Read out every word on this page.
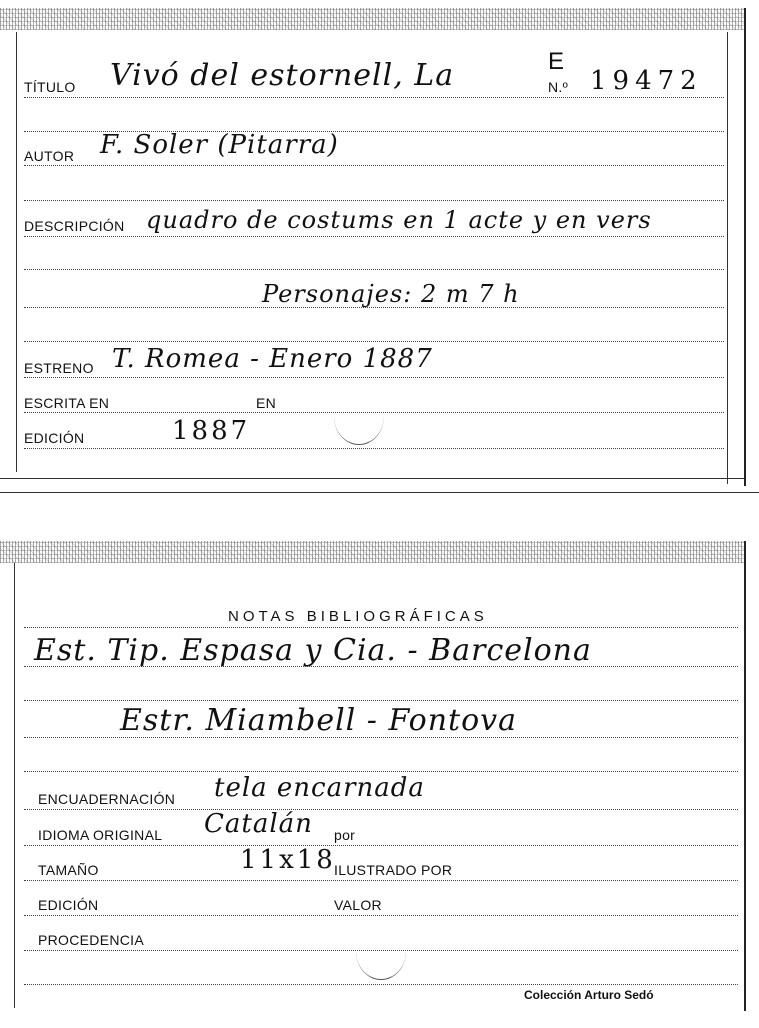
TÍTULO Vivó del estornell, La	E
N.º 19472
AUTOR F. Soler (Pitarra)
DESCRIPCIÓN quadro de costums en 1 acte y en vers
Personajes: 2 m 7 h
ESTRENO T. Romea - Enero 1887
ESCRITA EN	EN
EDICIÓN	1887
NOTAS BIBLIOGRÁFICAS
Est. Tip. Espasa y Cia. - Barcelona
Estr. Miambell - Fontova
ENCUADERNACIÓN tela encarnada
IDIOMA ORIGINAL Catalán por
TAMAÑO	11x18
ILUSTRADO POR
EDICIÓN	VALOR
PROCEDENCIA
Colección Arturo Sedó
